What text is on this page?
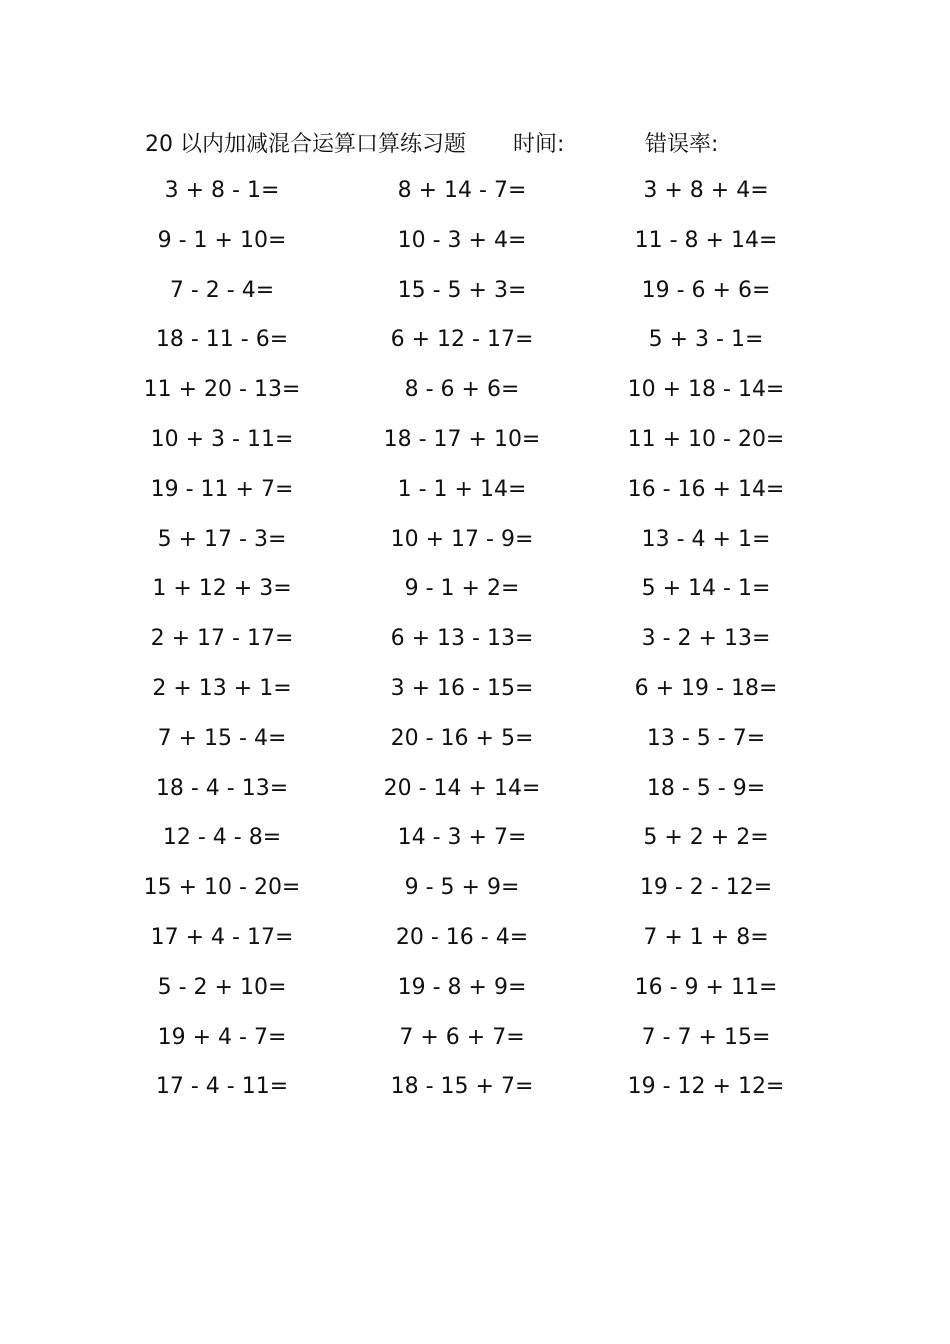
20 以内加减混合运算口算练习题 时间:	错误率:
3 + 8 - 1=	8 + 14 - 7=	3 + 8 + 4=
9 - 1 + 10=	10 - 3 + 4=	11 - 8 + 14=
7 - 2 - 4=	15 - 5 + 3=	19 - 6 + 6=
18 - 11 - 6=	6 + 12 - 17=	5 + 3 - 1=
11 + 20 - 13=	8 - 6 + 6=	10 + 18 - 14=
10 + 3 - 11=	18 - 17 + 10=	11 + 10 - 20=
19 - 11 + 7=	1 - 1 + 14=	16 - 16 + 14=
5 + 17 - 3=	10 + 17 - 9=	13 - 4 + 1=
1 + 12 + 3=	9 - 1 + 2=	5 + 14 - 1=
2 + 17 - 17=	6 + 13 - 13=	3 - 2 + 13=
2 + 13 + 1=	3 + 16 - 15=	6 + 19 - 18=
7 + 15 - 4=	20 - 16 + 5=	13 - 5 - 7=
18 - 4 - 13=	20 - 14 + 14=	18 - 5 - 9=
12 - 4 - 8=	14 - 3 + 7=	5 + 2 + 2=
15 + 10 - 20=	9 - 5 + 9=	19 - 2 - 12=
17 + 4 - 17=	20 - 16 - 4=	7 + 1 + 8=
5 - 2 + 10=	19 - 8 + 9=	16 - 9 + 11=
19 + 4 - 7=	7 + 6 + 7=	7 - 7 + 15=
17 - 4 - 11=	18 - 15 + 7=	19 - 12 + 12=
